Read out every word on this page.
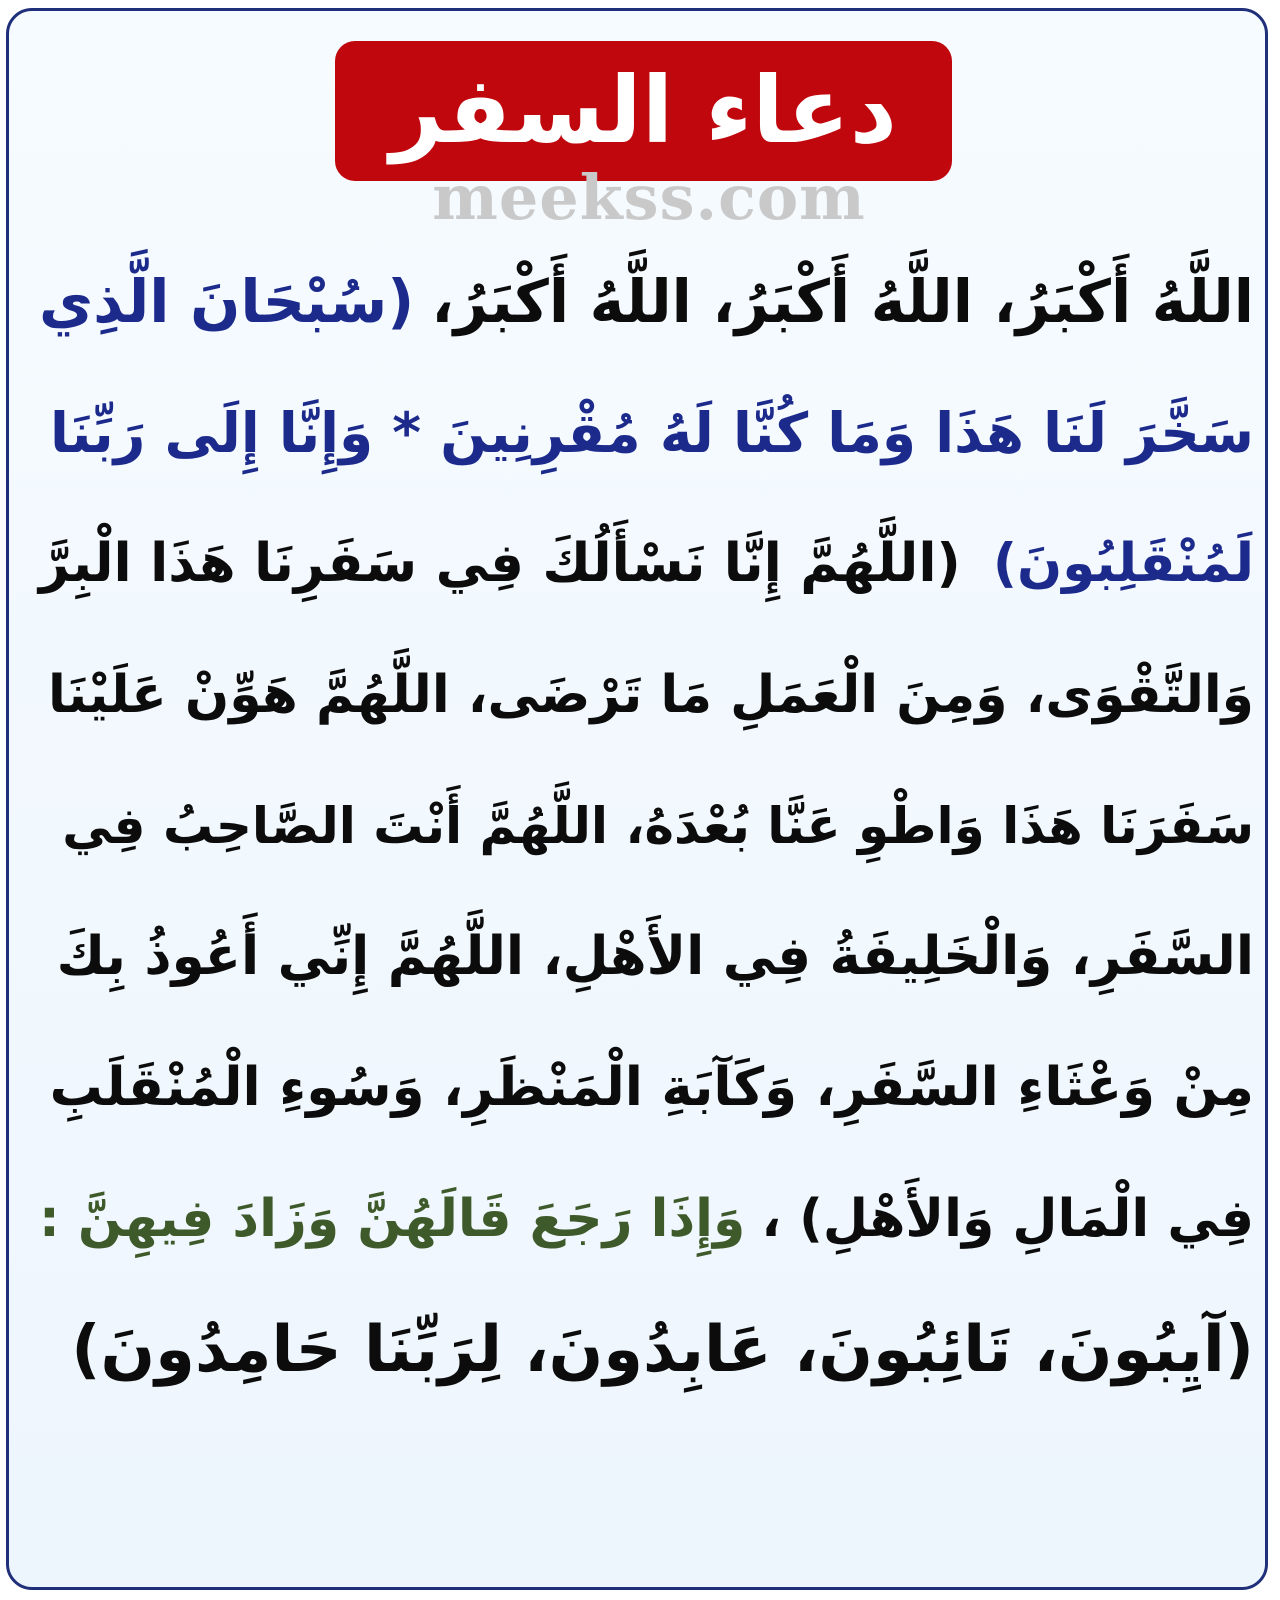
دعاء السفر
meekss.com
اللَّهُ أَكْبَرُ، اللَّهُ أَكْبَرُ، اللَّهُ أَكْبَرُ،
(سُبْحَانَ الَّذِي
سَخَّرَ لَنَا هَذَا وَمَا كُنَّا لَهُ مُقْرِنِينَ * وَإِنَّا إِلَى رَبِّنَا
لَمُنْقَلِبُونَ)
(اللَّهُمَّ إِنَّا نَسْأَلُكَ فِي سَفَرِنَا هَذَا الْبِرَّ
وَالتَّقْوَى، وَمِنَ الْعَمَلِ مَا تَرْضَى، اللَّهُمَّ هَوِّنْ عَلَيْنَا
سَفَرَنَا هَذَا وَاطْوِ عَنَّا بُعْدَهُ، اللَّهُمَّ أَنْتَ الصَّاحِبُ فِي
السَّفَرِ، وَالْخَلِيفَةُ فِي الأَهْلِ، اللَّهُمَّ إِنِّي أَعُوذُ بِكَ
مِنْ وَعْثَاءِ السَّفَرِ، وَكَآبَةِ الْمَنْظَرِ، وَسُوءِ الْمُنْقَلَبِ
فِي الْمَالِ وَالأَهْلِ) ،
وَإِذَا رَجَعَ قَالَهُنَّ وَزَادَ فِيهِنَّ :
(آيِبُونَ، تَائِبُونَ، عَابِدُونَ، لِرَبِّنَا حَامِدُونَ)
